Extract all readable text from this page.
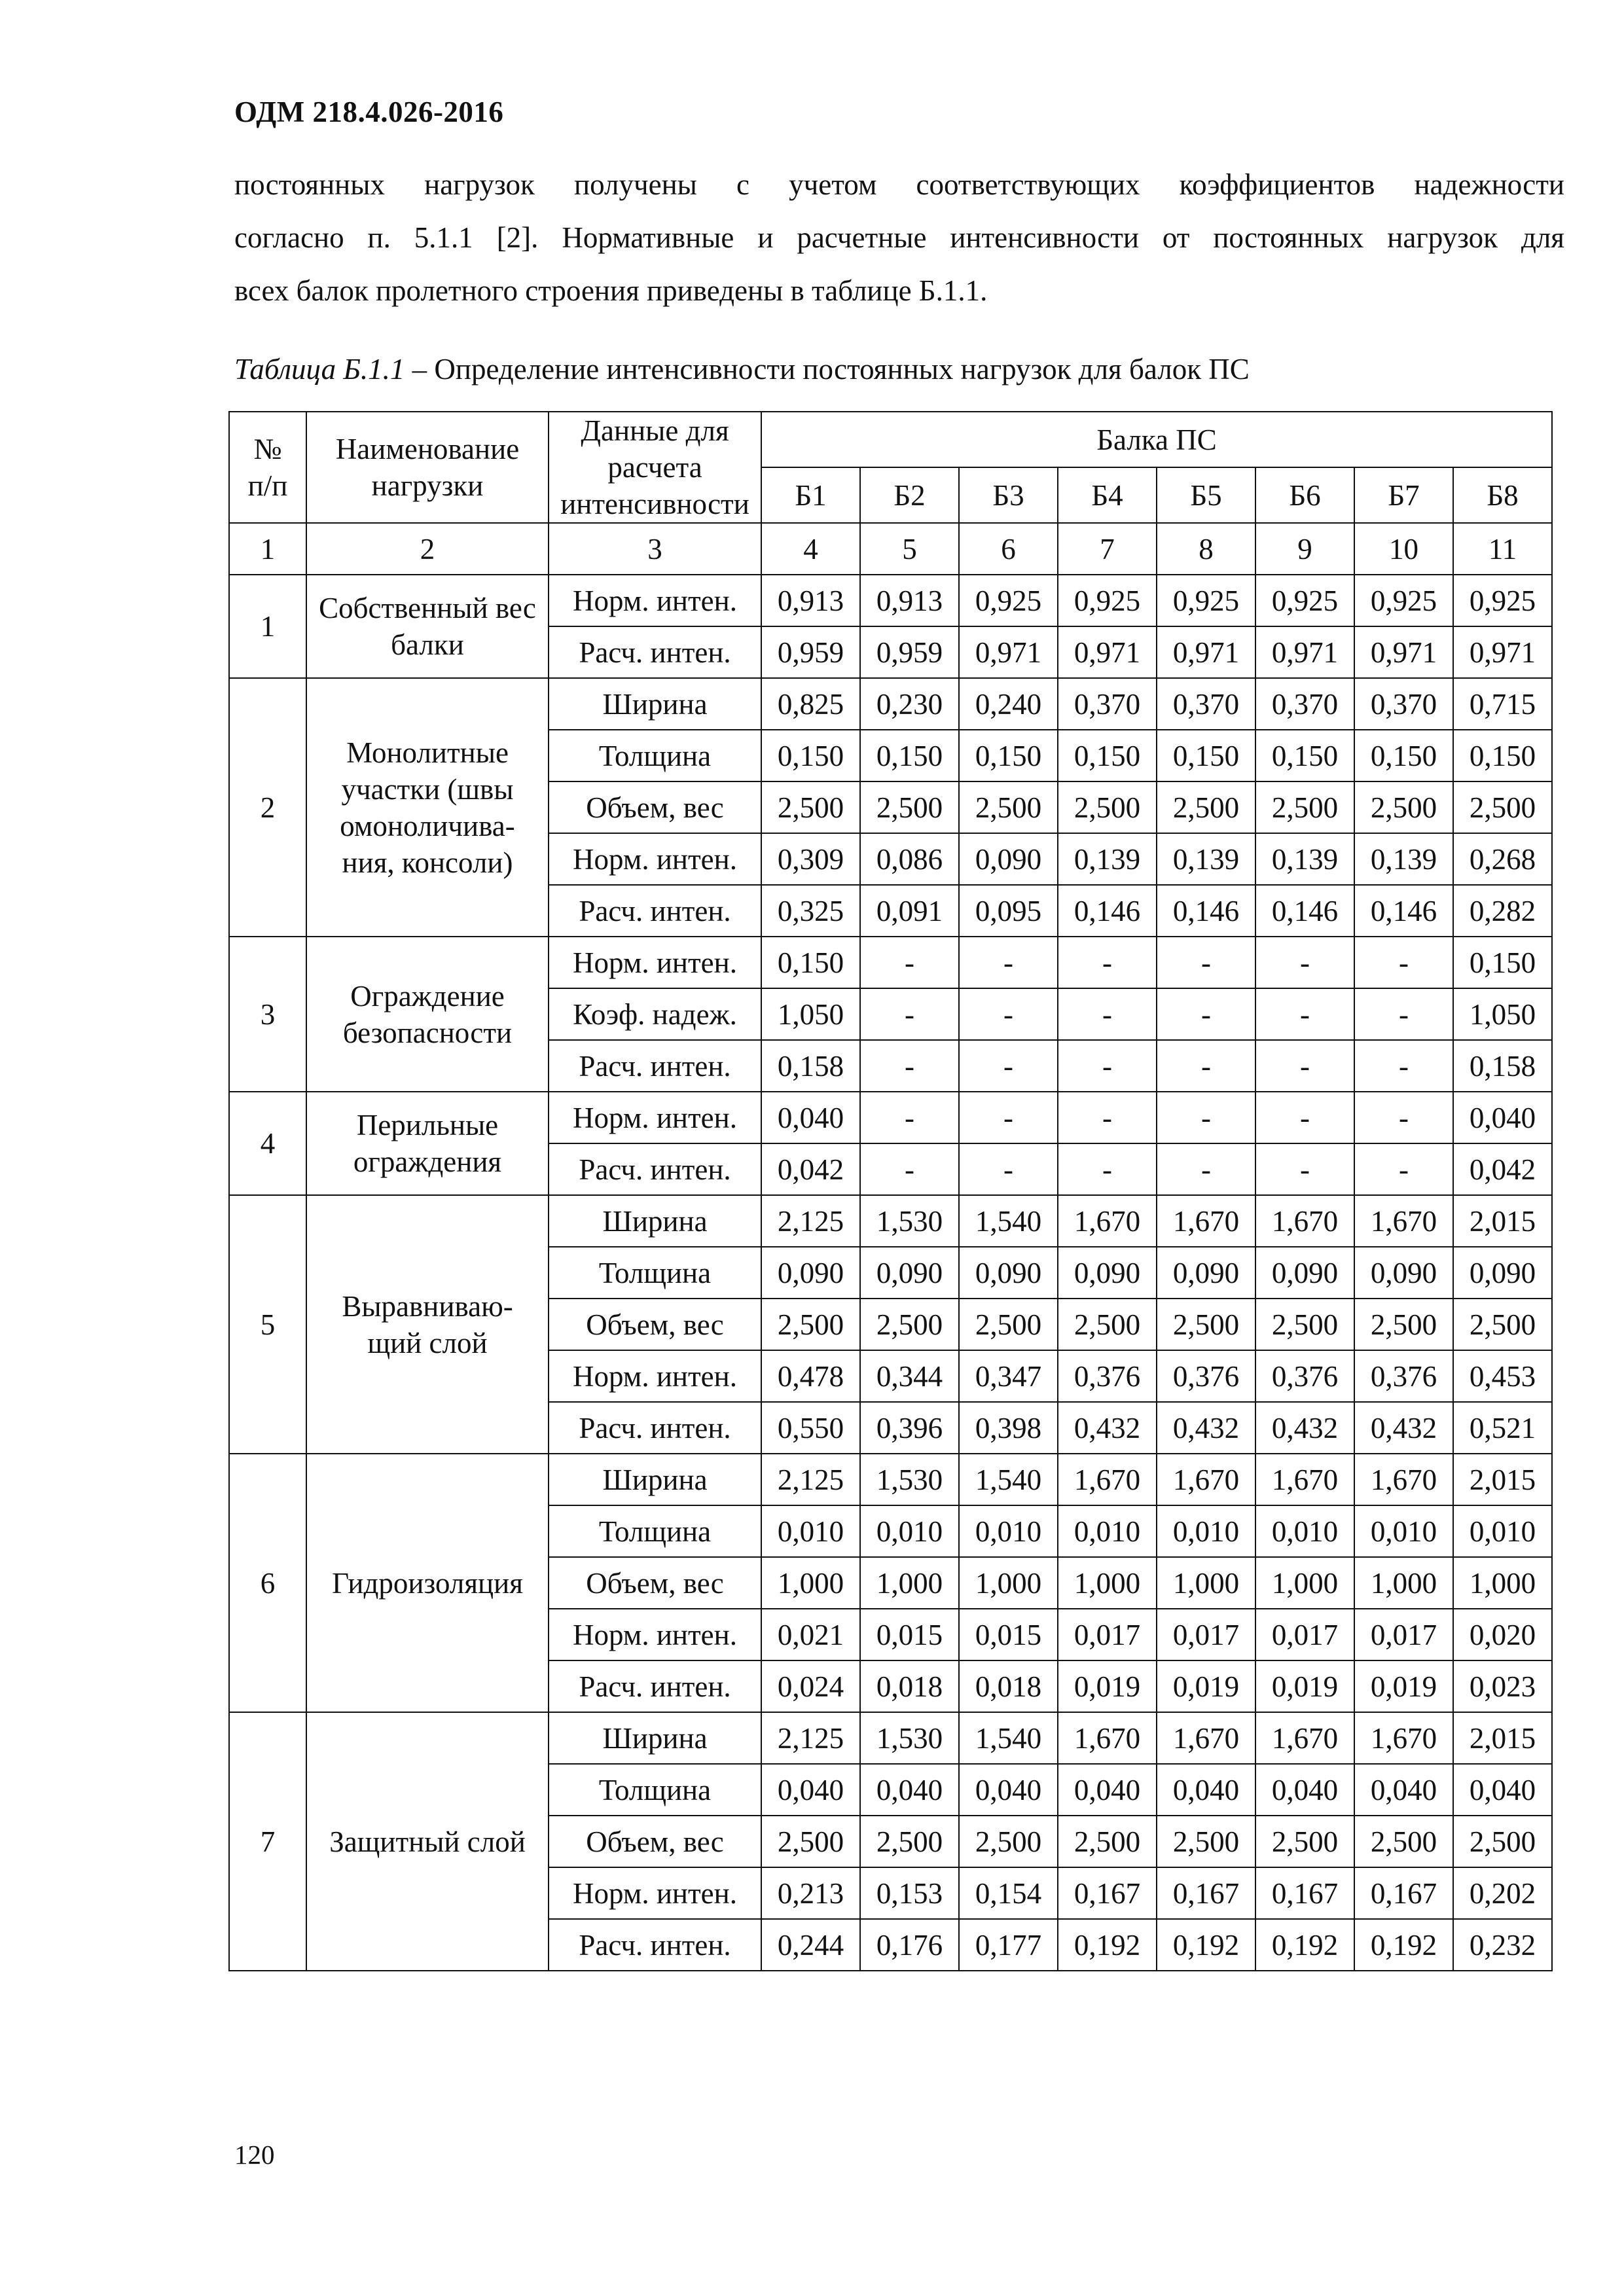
ОДМ 218.4.026-2016
постоянных нагрузок получены с учетом соответствующих коэффициентов надежности
согласно п. 5.1.1 [2]. Нормативные и расчетные интенсивности от постоянных нагрузок для
всех балок пролетного строения приведены в таблице Б.1.1.
Таблица Б.1.1 – Определение интенсивности постоянных нагрузок для балок ПС
№ п/п	Наименование нагрузки	Данные для расчета интенсивности	Балка ПС							
			Б1	Б2	Б3	Б4	Б5	Б6	Б7	Б8
1	2	3	4	5	6	7	8	9	10	11
1	Собственный вес балки	Норм. интен.	0,913	0,913	0,925	0,925	0,925	0,925	0,925	0,925
		Расч. интен.	0,959	0,959	0,971	0,971	0,971	0,971	0,971	0,971
2	Монолитные участки (швы омоноличива-ния, консоли)	Ширина	0,825	0,230	0,240	0,370	0,370	0,370	0,370	0,715
		Толщина	0,150	0,150	0,150	0,150	0,150	0,150	0,150	0,150
		Объем, вес	2,500	2,500	2,500	2,500	2,500	2,500	2,500	2,500
		Норм. интен.	0,309	0,086	0,090	0,139	0,139	0,139	0,139	0,268
		Расч. интен.	0,325	0,091	0,095	0,146	0,146	0,146	0,146	0,282
3	Ограждение безопасности	Норм. интен.	0,150	-	-	-	-	-	-	0,150
		Коэф. надеж.	1,050	-	-	-	-	-	-	1,050
		Расч. интен.	0,158	-	-	-	-	-	-	0,158
4	Перильные ограждения	Норм. интен.	0,040	-	-	-	-	-	-	0,040
		Расч. интен.	0,042	-	-	-	-	-	-	0,042
5	Выравниваю-щий слой	Ширина	2,125	1,530	1,540	1,670	1,670	1,670	1,670	2,015
		Толщина	0,090	0,090	0,090	0,090	0,090	0,090	0,090	0,090
		Объем, вес	2,500	2,500	2,500	2,500	2,500	2,500	2,500	2,500
		Норм. интен.	0,478	0,344	0,347	0,376	0,376	0,376	0,376	0,453
		Расч. интен.	0,550	0,396	0,398	0,432	0,432	0,432	0,432	0,521
6	Гидроизоляция	Ширина	2,125	1,530	1,540	1,670	1,670	1,670	1,670	2,015
		Толщина	0,010	0,010	0,010	0,010	0,010	0,010	0,010	0,010
		Объем, вес	1,000	1,000	1,000	1,000	1,000	1,000	1,000	1,000
		Норм. интен.	0,021	0,015	0,015	0,017	0,017	0,017	0,017	0,020
		Расч. интен.	0,024	0,018	0,018	0,019	0,019	0,019	0,019	0,023
7	Защитный слой	Ширина	2,125	1,530	1,540	1,670	1,670	1,670	1,670	2,015
		Толщина	0,040	0,040	0,040	0,040	0,040	0,040	0,040	0,040
		Объем, вес	2,500	2,500	2,500	2,500	2,500	2,500	2,500	2,500
		Норм. интен.	0,213	0,153	0,154	0,167	0,167	0,167	0,167	0,202
		Расч. интен.	0,244	0,176	0,177	0,192	0,192	0,192	0,192	0,232
120
